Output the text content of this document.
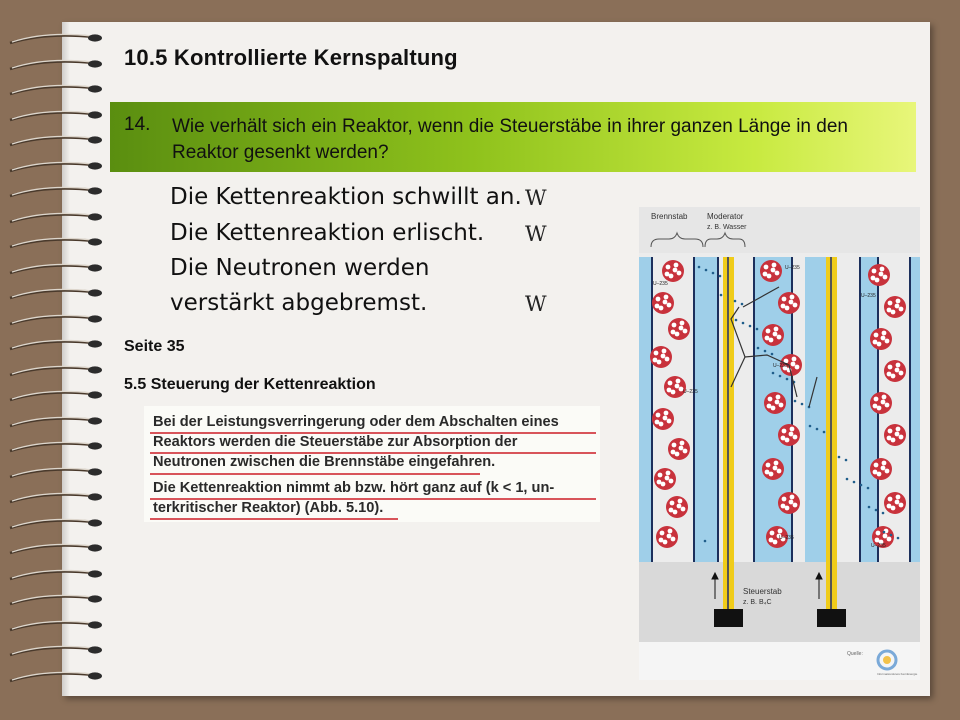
10.5 Kontrollierte Kernspaltung
14. Wie verhält sich ein Reaktor, wenn die Steuerstäbe in ihrer ganzen Länge in den Reaktor gesenkt werden?
Die Kettenreaktion schwillt an. W
Die Kettenreaktion erlischt. W
Die Neutronen werden
verstärkt abgebremst.	W
Seite 35
5.5 Steuerung der Kettenreaktion
Bei der Leistungsverringerung oder dem Abschalten eines
Reaktors werden die Steuerstäbe zur Absorption der
Neutronen zwischen die Brennstäbe eingefahren.
Die Kettenreaktion nimmt ab bzw. hört ganz auf (k < 1, un-
terkritischer Reaktor) (Abb. 5.10).
Brennstab Moderator
z. B. Wasser
U–235
U–235
U–235
U–235
U–235
U–235
U–235
Steuerstab
z. B. B₄C
Quelle:
Informationskreis KernEnergie
